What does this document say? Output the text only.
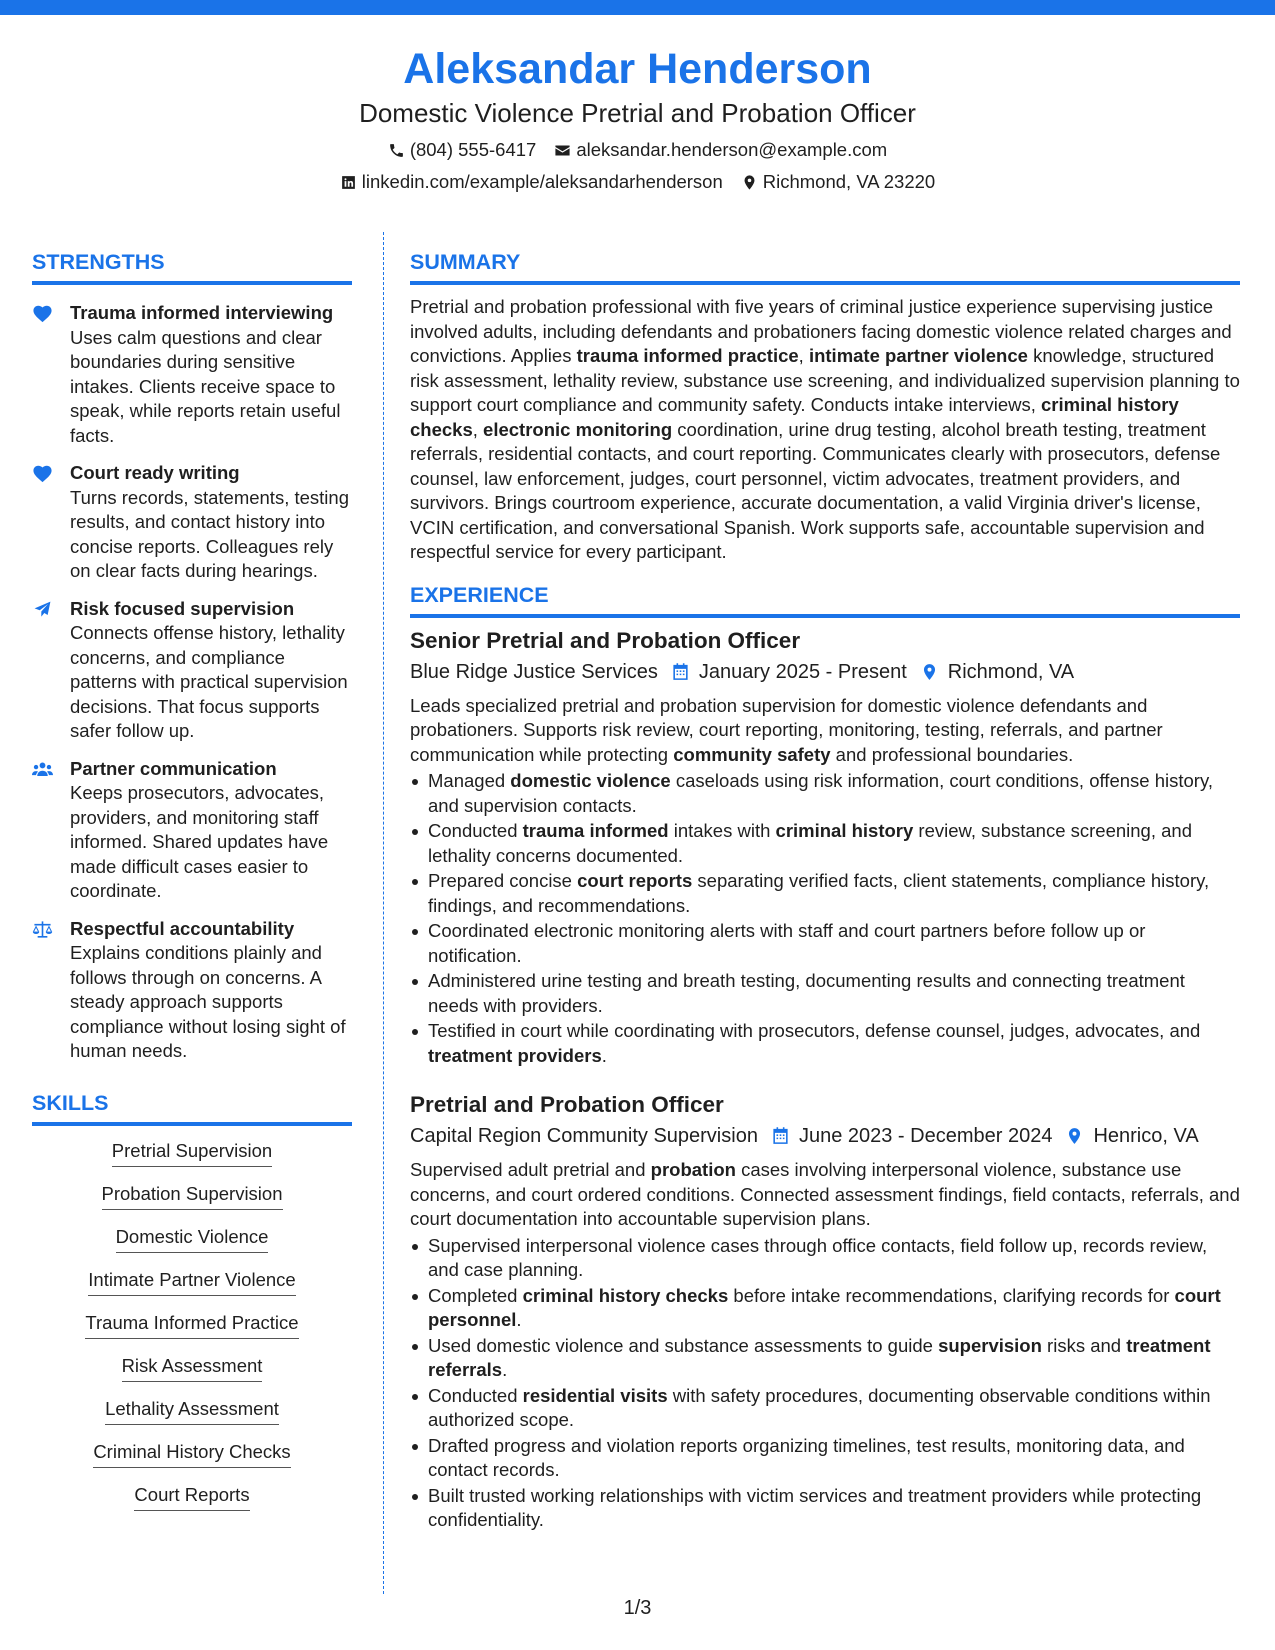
Aleksandar Henderson
Domestic Violence Pretrial and Probation Officer
(804) 555-6417 aleksandar.henderson@example.com
linkedin.com/example/aleksandarhenderson Richmond, VA 23220
STRENGTHS
Trauma informed interviewing
Uses calm questions and clear boundaries during sensitive intakes. Clients receive space to speak, while reports retain useful facts.
Court ready writing
Turns records, statements, testing results, and contact history into concise reports. Colleagues rely on clear facts during hearings.
Risk focused supervision
Connects offense history, lethality concerns, and compliance patterns with practical supervision decisions. That focus supports safer follow up.
Partner communication
Keeps prosecutors, advocates, providers, and monitoring staff informed. Shared updates have made difficult cases easier to coordinate.
Respectful accountability
Explains conditions plainly and follows through on concerns. A steady approach supports compliance without losing sight of human needs.
SKILLS
Pretrial Supervision
Probation Supervision
Domestic Violence
Intimate Partner Violence
Trauma Informed Practice
Risk Assessment
Lethality Assessment
Criminal History Checks
Court Reports
SUMMARY
Pretrial and probation professional with five years of criminal justice experience supervising justice involved adults, including defendants and probationers facing domestic violence related charges and convictions. Applies trauma informed practice, intimate partner violence knowledge, structured risk assessment, lethality review, substance use screening, and individualized supervision planning to support court compliance and community safety. Conducts intake interviews, criminal history checks, electronic monitoring coordination, urine drug testing, alcohol breath testing, treatment referrals, residential contacts, and court reporting. Communicates clearly with prosecutors, defense counsel, law enforcement, judges, court personnel, victim advocates, treatment providers, and survivors. Brings courtroom experience, accurate documentation, a valid Virginia driver's license, VCIN certification, and conversational Spanish. Work supports safe, accountable supervision and respectful service for every participant.
EXPERIENCE
Senior Pretrial and Probation Officer
Blue Ridge Justice Services January 2025 - Present Richmond, VA
Leads specialized pretrial and probation supervision for domestic violence defendants and probationers. Supports risk review, court reporting, monitoring, testing, referrals, and partner communication while protecting community safety and professional boundaries.
Managed domestic violence caseloads using risk information, court conditions, offense history, and supervision contacts.
Conducted trauma informed intakes with criminal history review, substance screening, and lethality concerns documented.
Prepared concise court reports separating verified facts, client statements, compliance history, findings, and recommendations.
Coordinated electronic monitoring alerts with staff and court partners before follow up or notification.
Administered urine testing and breath testing, documenting results and connecting treatment needs with providers.
Testified in court while coordinating with prosecutors, defense counsel, judges, advocates, and treatment providers.
Pretrial and Probation Officer
Capital Region Community Supervision June 2023 - December 2024 Henrico, VA
Supervised adult pretrial and probation cases involving interpersonal violence, substance use concerns, and court ordered conditions. Connected assessment findings, field contacts, referrals, and court documentation into accountable supervision plans.
Supervised interpersonal violence cases through office contacts, field follow up, records review, and case planning.
Completed criminal history checks before intake recommendations, clarifying records for court personnel.
Used domestic violence and substance assessments to guide supervision risks and treatment referrals.
Conducted residential visits with safety procedures, documenting observable conditions within authorized scope.
Drafted progress and violation reports organizing timelines, test results, monitoring data, and contact records.
Built trusted working relationships with victim services and treatment providers while protecting confidentiality.
1/3
